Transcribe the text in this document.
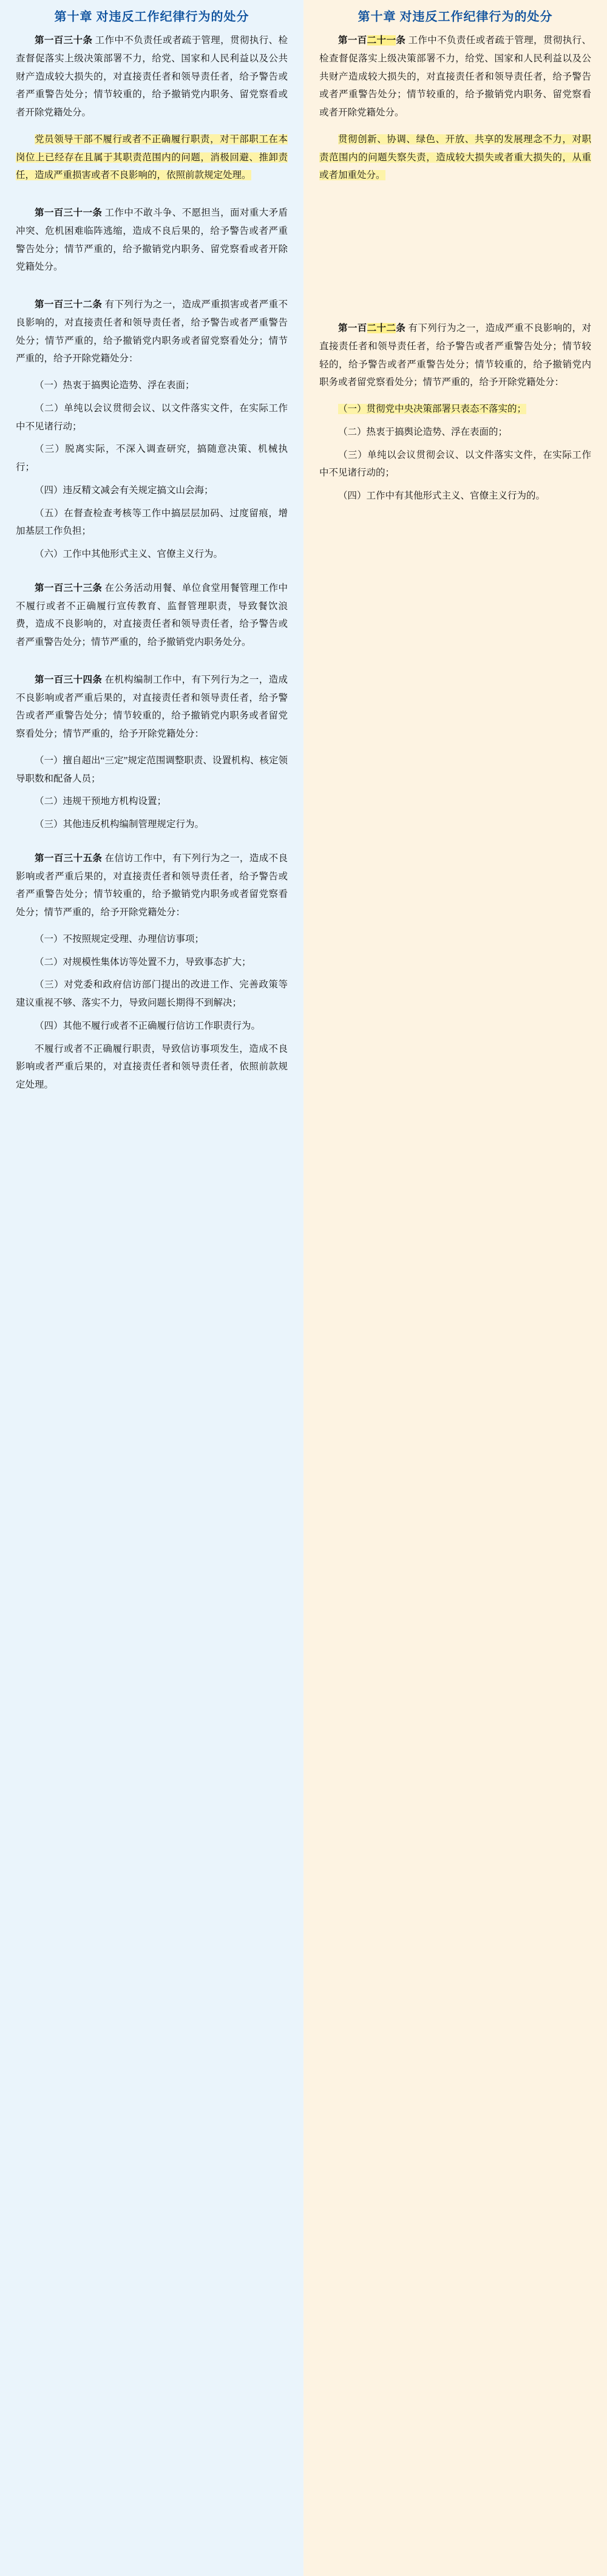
第十章 对违反工作纪律行为的处分

第一百三十条 工作中不负责任或者疏于管理，贯彻执行、检查督促落实上级决策部署不力，给党、国家和人民利益以及公共财产造成较大损失的，对直接责任者和领导责任者，给予警告或者严重警告处分；情节较重的，给予撤销党内职务、留党察看或者开除党籍处分。

党员领导干部不履行或者不正确履行职责，对干部职工在本岗位上已经存在且属于其职责范围内的问题，消极回避、推卸责任，造成严重损害或者不良影响的，依照前款规定处理。

第一百三十一条 工作中不敢斗争、不愿担当，面对重大矛盾冲突、危机困难临阵逃缩，造成不良后果的，给予警告或者严重警告处分；情节严重的，给予撤销党内职务、留党察看或者开除党籍处分。

第一百三十二条 有下列行为之一，造成严重损害或者严重不良影响的，对直接责任者和领导责任者，给予警告或者严重警告处分；情节严重的，给予撤销党内职务或者留党察看处分；情节严重的，给予开除党籍处分：

（一）热衷于搞舆论造势、浮在表面；

（二）单纯以会议贯彻会议、以文件落实文件，在实际工作中不见诸行动；

（三）脱离实际，不深入调查研究，搞随意决策、机械执行；

（四）违反精文减会有关规定搞文山会海；

（五）在督查检查考核等工作中搞层层加码、过度留痕，增加基层工作负担；

（六）工作中其他形式主义、官僚主义行为。

第一百三十三条 在公务活动用餐、单位食堂用餐管理工作中不履行或者不正确履行宣传教育、监督管理职责，导致餐饮浪费，造成不良影响的，对直接责任者和领导责任者，给予警告或者严重警告处分；情节严重的，给予撤销党内职务处分。

第一百三十四条 在机构编制工作中，有下列行为之一，造成不良影响或者严重后果的，对直接责任者和领导责任者，给予警告或者严重警告处分；情节较重的，给予撤销党内职务或者留党察看处分；情节严重的，给予开除党籍处分：

（一）擅自超出“三定”规定范围调整职责、设置机构、核定领导职数和配备人员；

（二）违规干预地方机构设置；

（三）其他违反机构编制管理规定行为。

第一百三十五条 在信访工作中，有下列行为之一，造成不良影响或者严重后果的，对直接责任者和领导责任者，给予警告或者严重警告处分；情节较重的，给予撤销党内职务或者留党察看处分；情节严重的，给予开除党籍处分：

（一）不按照规定受理、办理信访事项；

（二）对规模性集体访等处置不力，导致事态扩大；

（三）对党委和政府信访部门提出的改进工作、完善政策等建议重视不够、落实不力，导致问题长期得不到解决；

（四）其他不履行或者不正确履行信访工作职责行为。

不履行或者不正确履行职责，导致信访事项发生，造成不良影响或者严重后果的，对直接责任者和领导责任者，依照前款规定处理。

第十章 对违反工作纪律行为的处分

第一百二十一条 工作中不负责任或者疏于管理，贯彻执行、检查督促落实上级决策部署不力，给党、国家和人民利益以及公共财产造成较大损失的，对直接责任者和领导责任者，给予警告或者严重警告处分；情节较重的，给予撤销党内职务、留党察看或者开除党籍处分。

贯彻创新、协调、绿色、开放、共享的发展理念不力，对职责范围内的问题失察失责，造成较大损失或者重大损失的，从重或者加重处分。

第一百二十二条 有下列行为之一，造成严重不良影响的，对直接责任者和领导责任者，给予警告或者严重警告处分；情节较轻的，给予警告或者严重警告处分；情节较重的，给予撤销党内职务或者留党察看处分；情节严重的，给予开除党籍处分：

（一）贯彻党中央决策部署只表态不落实的；

（二）热衷于搞舆论造势、浮在表面的；

（三）单纯以会议贯彻会议、以文件落实文件，在实际工作中不见诸行动的；

（四）工作中有其他形式主义、官僚主义行为的。
